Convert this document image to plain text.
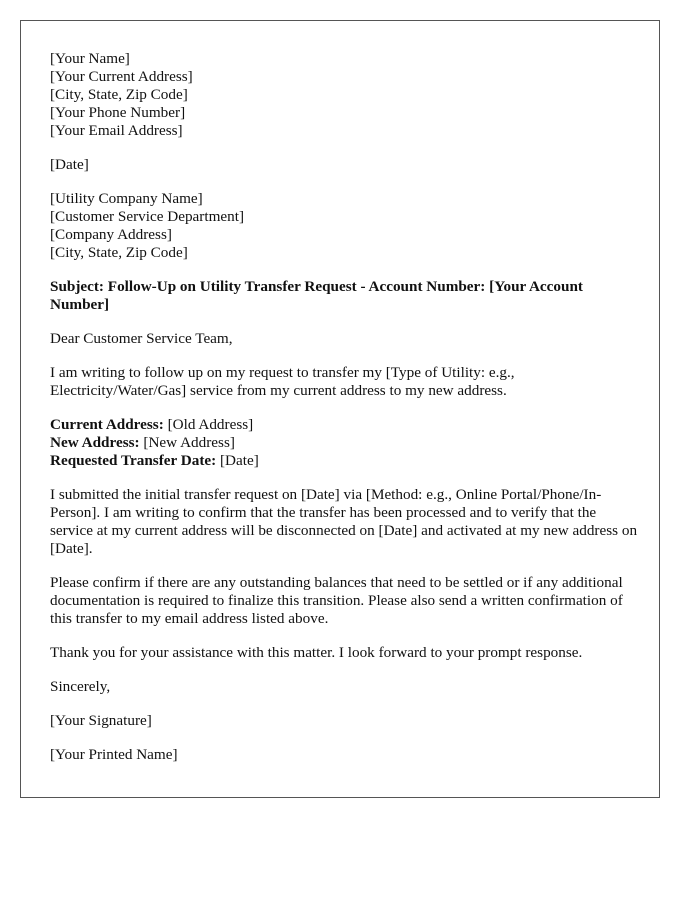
[Your Name]
[Your Current Address]
[City, State, Zip Code]
[Your Phone Number]
[Your Email Address]
[Date]
[Utility Company Name]
[Customer Service Department]
[Company Address]
[City, State, Zip Code]

Subject: Follow-Up on Utility Transfer Request - Account Number: [Your Account Number]

Dear Customer Service Team,

I am writing to follow up on my request to transfer my [Type of Utility: e.g., Electricity/Water/Gas] service from my current address to my new address.

Current Address: [Old Address]
New Address: [New Address]
Requested Transfer Date: [Date]

I submitted the initial transfer request on [Date] via [Method: e.g., Online Portal/Phone/In-Person]. I am writing to confirm that the transfer has been processed and to verify that the service at my current address will be disconnected on [Date] and activated at my new address on [Date].

Please confirm if there are any outstanding balances that need to be settled or if any additional documentation is required to finalize this transition. Please also send a written confirmation of this transfer to my email address listed above.

Thank you for your assistance with this matter. I look forward to your prompt response.

Sincerely,

[Your Signature]

[Your Printed Name]
